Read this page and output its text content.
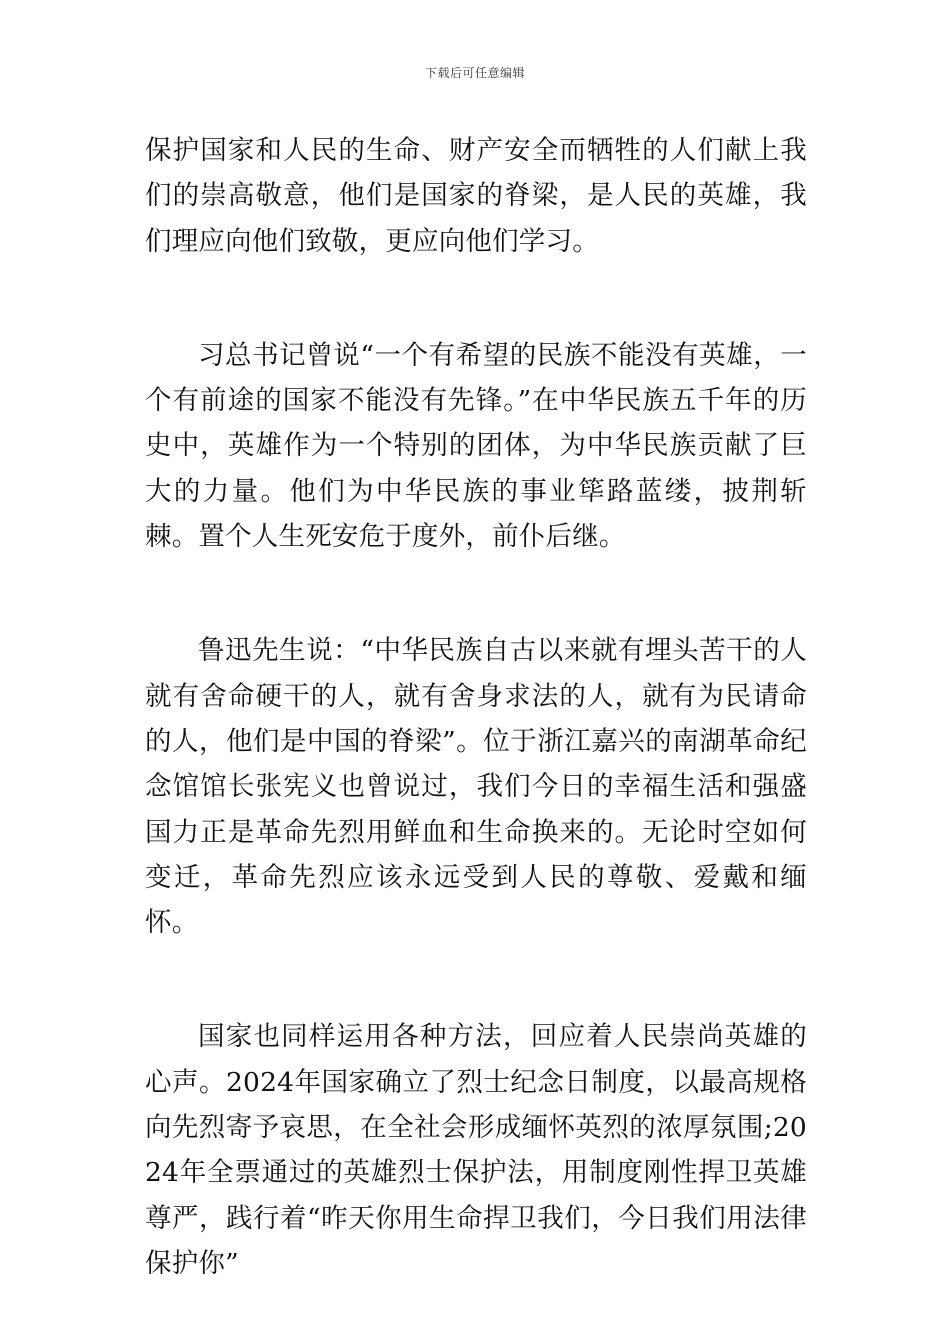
下载后可任意编辑

保护国家和人民的生命、财产安全而牺牲的人们献上我们的崇高敬意，他们是国家的脊梁，是人民的英雄，我们理应向他们致敬，更应向他们学习。

习总书记曾说“一个有希望的民族不能没有英雄，一个有前途的国家不能没有先锋。”在中华民族五千年的历史中，英雄作为一个特别的团体，为中华民族贡献了巨大的力量。他们为中华民族的事业筚路蓝缕，披荆斩棘。置个人生死安危于度外，前仆后继。

鲁迅先生说：“中华民族自古以来就有埋头苦干的人就有舍命硬干的人，就有舍身求法的人，就有为民请命的人，他们是中国的脊梁”。位于浙江嘉兴的南湖革命纪念馆馆长张宪义也曾说过，我们今日的幸福生活和强盛国力正是革命先烈用鲜血和生命换来的。无论时空如何变迁，革命先烈应该永远受到人民的尊敬、爱戴和缅怀。

国家也同样运用各种方法，回应着人民崇尚英雄的心声。2024年国家确立了烈士纪念日制度，以最高规格向先烈寄予哀思，在全社会形成缅怀英烈的浓厚氛围;2024年全票通过的英雄烈士保护法，用制度刚性捍卫英雄尊严，践行着“昨天你用生命捍卫我们，今日我们用法律保护你”
